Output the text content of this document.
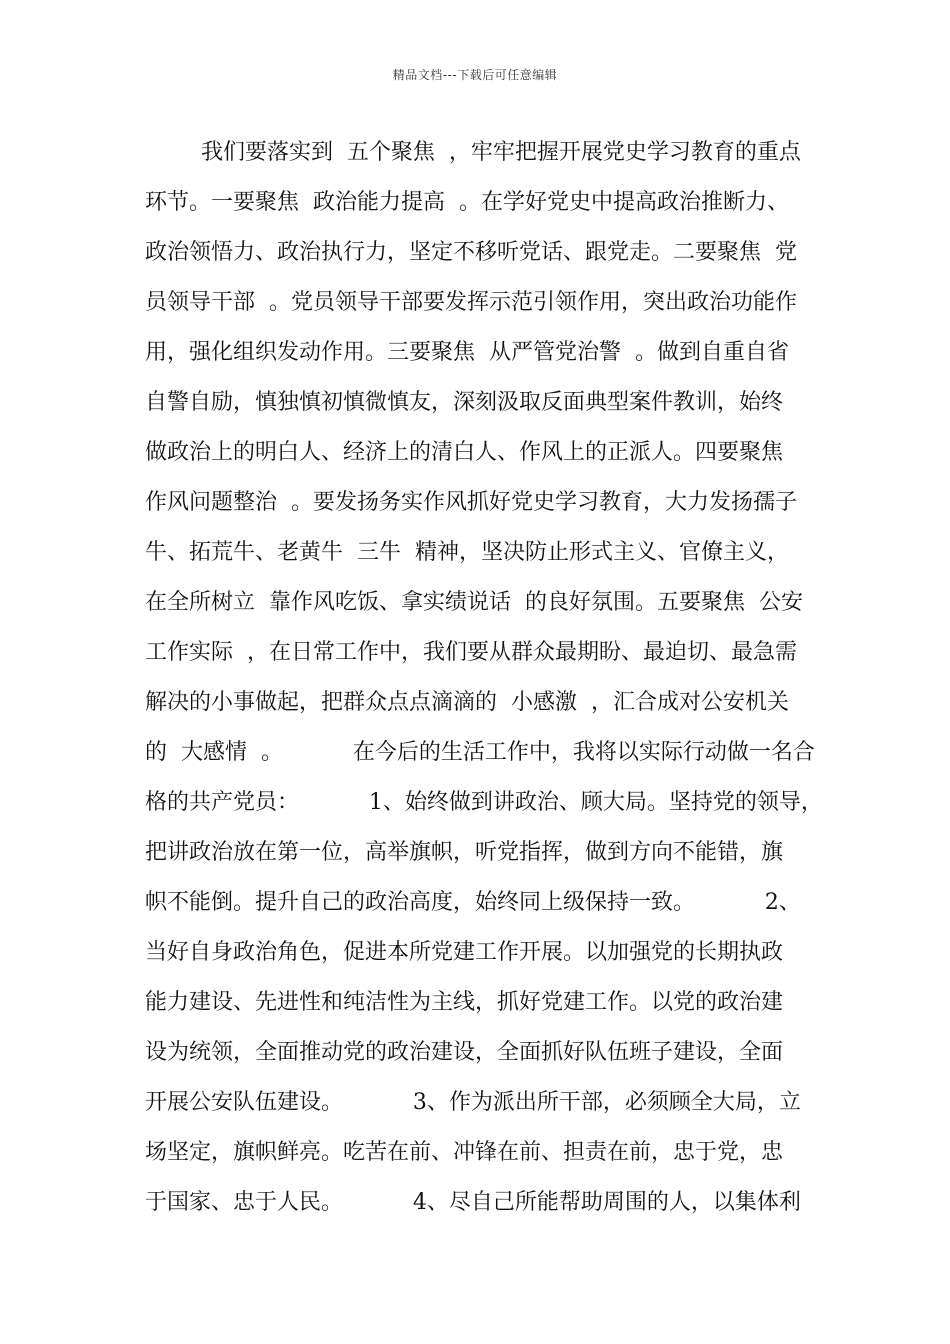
精品文档---下载后可任意编辑
我们要落实到  五个聚焦  ，牢牢把握开展党史学习教育的重点
环节。一要聚焦  政治能力提高  。在学好党史中提高政治推断力、
政治领悟力、政治执行力，坚定不移听党话、跟党走。二要聚焦  党
员领导干部  。党员领导干部要发挥示范引领作用，突出政治功能作
用，强化组织发动作用。三要聚焦  从严管党治警  。做到自重自省
自警自励，慎独慎初慎微慎友，深刻汲取反面典型案件教训，始终
做政治上的明白人、经济上的清白人、作风上的正派人。四要聚焦
作风问题整治  。要发扬务实作风抓好党史学习教育，大力发扬孺子
牛、拓荒牛、老黄牛  三牛  精神，坚决防止形式主义、官僚主义，
在全所树立  靠作风吃饭、拿实绩说话  的良好氛围。五要聚焦  公安
工作实际  ，在日常工作中，我们要从群众最期盼、最迫切、最急需
解决的小事做起，把群众点点滴滴的  小感激  ，汇合成对公安机关
的  大感情  。          在今后的生活工作中，我将以实际行动做一名合
格的共产党员：          1、始终做到讲政治、顾大局。坚持党的领导，
把讲政治放在第一位，高举旗帜，听党指挥，做到方向不能错，旗
帜不能倒。提升自己的政治高度，始终同上级保持一致。          2、
当好自身政治角色，促进本所党建工作开展。以加强党的长期执政
能力建设、先进性和纯洁性为主线，抓好党建工作。以党的政治建
设为统领，全面推动党的政治建设，全面抓好队伍班子建设，全面
开展公安队伍建设。          3、作为派出所干部，必须顾全大局，立
场坚定，旗帜鲜亮。吃苦在前、冲锋在前、担责在前，忠于党，忠
于国家、忠于人民。          4、尽自己所能帮助周围的人，以集体利
